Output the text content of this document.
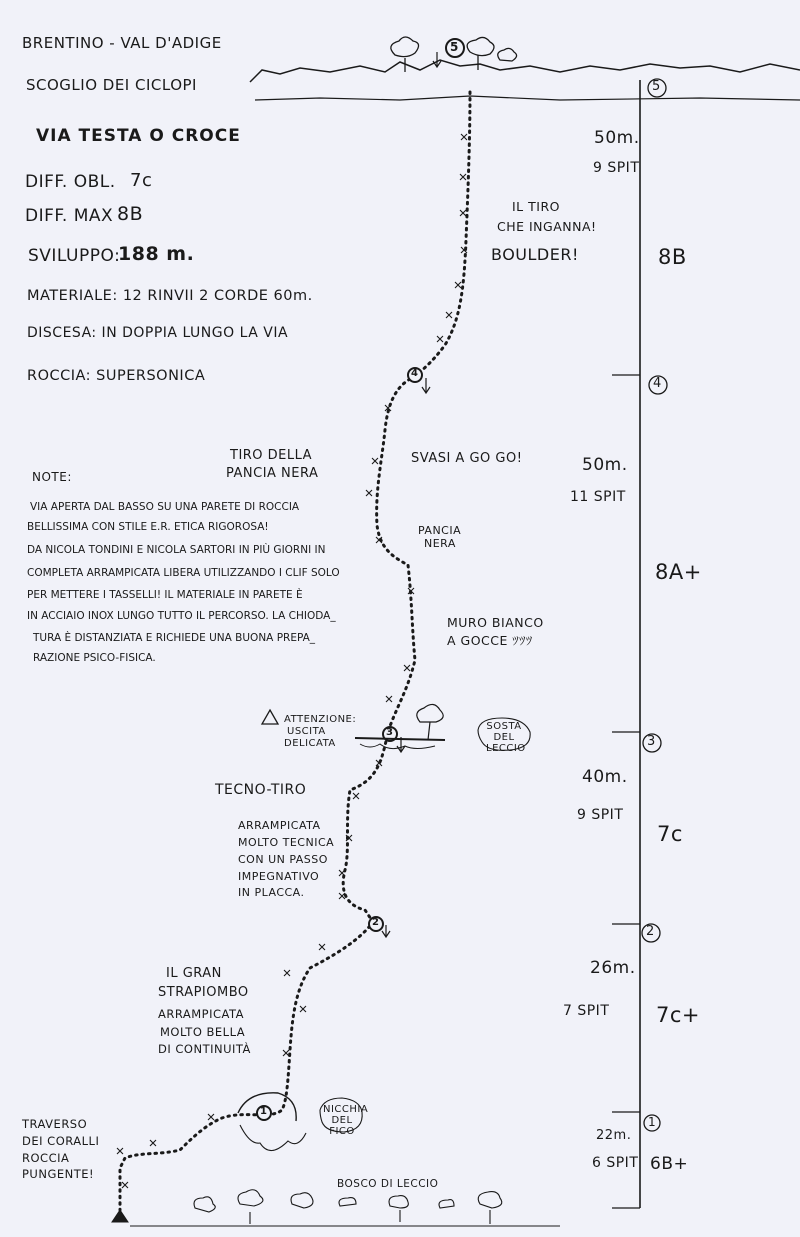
BRENTINO - VAL D'ADIGE
SCOGLIO DEI CICLOPI
VIA TESTA O CROCE
DIFF. OBL. 7c
DIFF. MAX 8B
SVILUPPO:
188 m.
MATERIALE: 12 RINVII 2 CORDE 60m.
DISCESA: IN DOPPIA LUNGO LA VIA
ROCCIA: SUPERSONICA
NOTE:
VIA APERTA DAL BASSO SU UNA PARETE DI ROCCIA
BELLISSIMA CON STILE E.R. ETICA RIGOROSA!
DA NICOLA TONDINI E NICOLA SARTORI IN PIÙ GIORNI IN
COMPLETA ARRAMPICATA LIBERA UTILIZZANDO I CLIF SOLO
PER METTERE I TASSELLI! IL MATERIALE IN PARETE È
IN ACCIAIO INOX LUNGO TUTTO IL PERCORSO. LA CHIODA_
TURA È DISTANZIATA E RICHIEDE UNA BUONA PREPA_
RAZIONE PSICO-FISICA.
IL TIRO
CHE INGANNA!
BOULDER!
TIRO DELLA
PANCIA NERA
SVASI A GO GO!
PANCIA
NERA
MURO BIANCO
A GOCCE ﾂﾂﾂ
ATTENZIONE:
USCITA
DELICATA
SOSTA
DEL
LECCIO
TECNO-TIRO
ARRAMPICATA
MOLTO TECNICA
CON UN PASSO
IMPEGNATIVO
IN PLACCA.
IL GRAN
STRAPIOMBO
ARRAMPICATA
MOLTO BELLA
DI CONTINUITÀ
NICCHIA
DEL
FICO
TRAVERSO
DEI CORALLI
ROCCIA
PUNGENTE!
BOSCO DI LECCIO
5
5
4
4
3
3
2
2
1
1
50m.
9 SPIT
8B
50m.
11 SPIT
8A+
40m.
9 SPIT
7c
26m.
7 SPIT 7c+
22m.
6 SPIT 6B+
